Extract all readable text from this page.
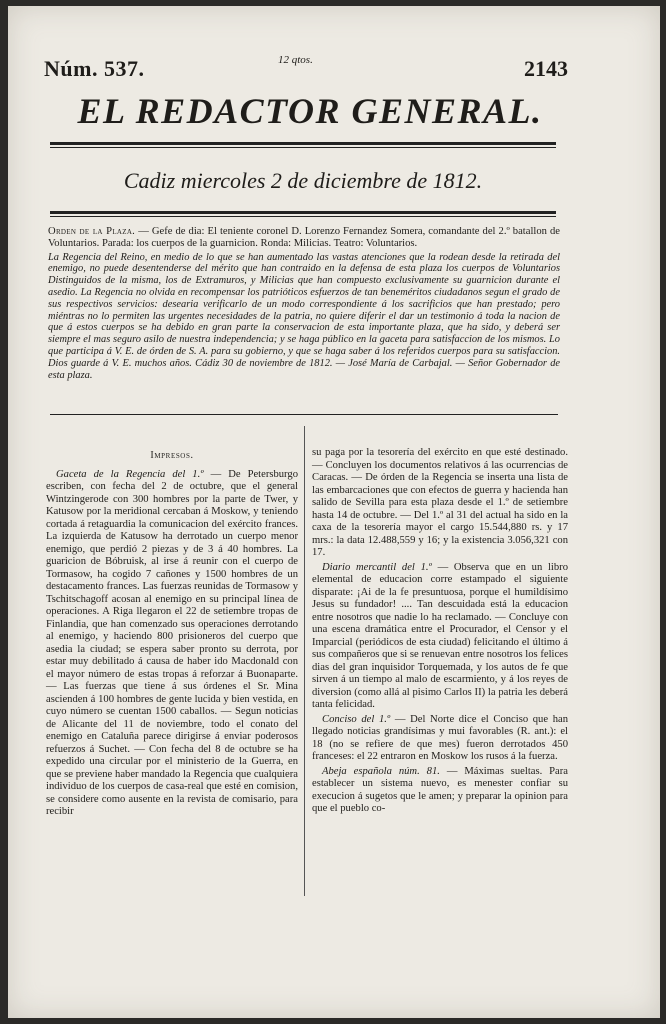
Núm. 537.	12 qtos.	2143
EL REDACTOR GENERAL.
Cadiz miercoles 2 de diciembre de 1812.
Orden de la Plaza. — Gefe de dia: El teniente coronel D. Lorenzo Fernandez Somera, comandante del 2.º batallon de Voluntarios. Parada: los cuerpos de la guarnicion. Ronda: Milicias. Teatro: Voluntarios.
La Regencia del Reino, en medio de lo que se han aumentado las vastas atenciones que la rodean desde la retirada del enemigo, no puede desentenderse del mérito que han contraido en la defensa de esta plaza los cuerpos de Voluntarios Distinguidos de la misma, los de Extramuros, y Milicias que han compuesto exclusivamente su guarnicion durante el asedio. La Regencia no olvida en recompensar los patrióticos esfuerzos de tan beneméritos ciudadanos segun el grado de sus respectivos servicios: desearia verificarlo de un modo correspondiente á los sacrificios que han prestado; pero miéntras no lo permiten las urgentes necesidades de la patria, no quiere diferir el dar un testimonio á toda la nacion de que á estos cuerpos se ha debido en gran parte la conservacion de esta importante plaza, que ha sido, y deberá ser siempre el mas seguro asilo de nuestra independencia; y se haga público en la gaceta para satisfaccion de los mismos. Lo que participa á V. E. de órden de S. A. para su gobierno, y que se haga saber á los referidos cuerpos para su satisfaccion. Dios guarde á V. E. muchos años. Cádiz 30 de noviembre de 1812. — José María de Carbajal. — Señor Gobernador de esta plaza.
Impresos.

Gaceta de la Regencia del 1.º — De Petersburgo escriben, con fecha del 2 de octubre, que el general Wintzingerode con 300 hombres por la parte de Twer, y Katusow por la meridional cercaban á Moskow, y teniendo cortada á retaguardia la comunicacion del exército frances. La izquierda de Katusow ha derrotado un cuerpo menor enemigo, que perdió 2 piezas y de 3 á 40 hombres. La guaricion de Bóbruisk, al irse á reunir con el cuerpo de Tormasow, ha cogido 7 cañones y 1500 hombres de un destacamento frances. Las fuerzas reunidas de Tormasow y Tschitschagoff acosan al enemigo en su principal línea de operaciones. A Riga llegaron el 22 de setiembre tropas de Finlandia, que han comenzado sus operaciones derrotando al enemigo, y haciendo 800 prisioneros del cuerpo que asedia la ciudad; se espera saber pronto su derrota, por estar muy debilitado á causa de haber ido Macdonald con el mayor número de estas tropas á reforzar á Buonaparte. — Las fuerzas que tiene á sus órdenes el Sr. Mina ascienden á 100 hombres de gente lucida y bien vestida, en cuyo número se cuentan 1500 caballos. — Segun noticias de Alicante del 11 de noviembre, todo el conato del enemigo en Cataluña parece dirigirse á enviar poderosos refuerzos á Suchet. — Con fecha del 8 de octubre se ha expedido una circular por el ministerio de la Guerra, en que se previene haber mandado la Regencia que cualquiera individuo de los cuerpos de casa-real que esté en comision, se considere como ausente en la revista de comisario, para recibir

su paga por la tesorería del exército en que esté destinado. — Concluyen los documentos relativos á las ocurrencias de Caracas. — De órden de la Regencia se inserta una lista de las embarcaciones que con efectos de guerra y hacienda han salido de Sevilla para esta plaza desde el 1.º de setiembre hasta 14 de octubre. — Del 1.º al 31 del actual ha sido en la caxa de la tesorería mayor el cargo 15.544,880 rs. y 17 mrs.: la data 12.488,559 y 16; y la existencia 3.056,321 con 17.

Diario mercantil del 1.º — Observa que en un libro elemental de educacion corre estampado el siguiente disparate: ¡Ai de la fe presuntuosa, porque el humildísimo Jesus su fundador! .... Tan descuidada está la educacion entre nosotros que nadie lo ha reclamado. — Concluye con una escena dramática entre el Procurador, el Censor y el Imparcial (periódicos de esta ciudad) felicitando el último á sus compañeros que si se renuevan entre nosotros los felices dias del gran inquisidor Torquemada, y los autos de fe que sirven á un tiempo al malo de escarmiento, y á los reyes de diversion (como allá al pisimo Carlos II) la patria les deberá tanta felicidad.

Conciso del 1.º — Del Norte dice el Conciso que han llegado noticias grandísimas y mui favorables (R. ant.): el 18 (no se refiere de que mes) fueron derrotados 450 franceses: el 22 entraron en Moskow los rusos á la fuerza.

Abeja española núm. 81. — Máximas sueltas. Para establecer un sistema nuevo, es menester confiar su execucion á sugetos que le amen; y preparar la opinion para que el pueblo co-
